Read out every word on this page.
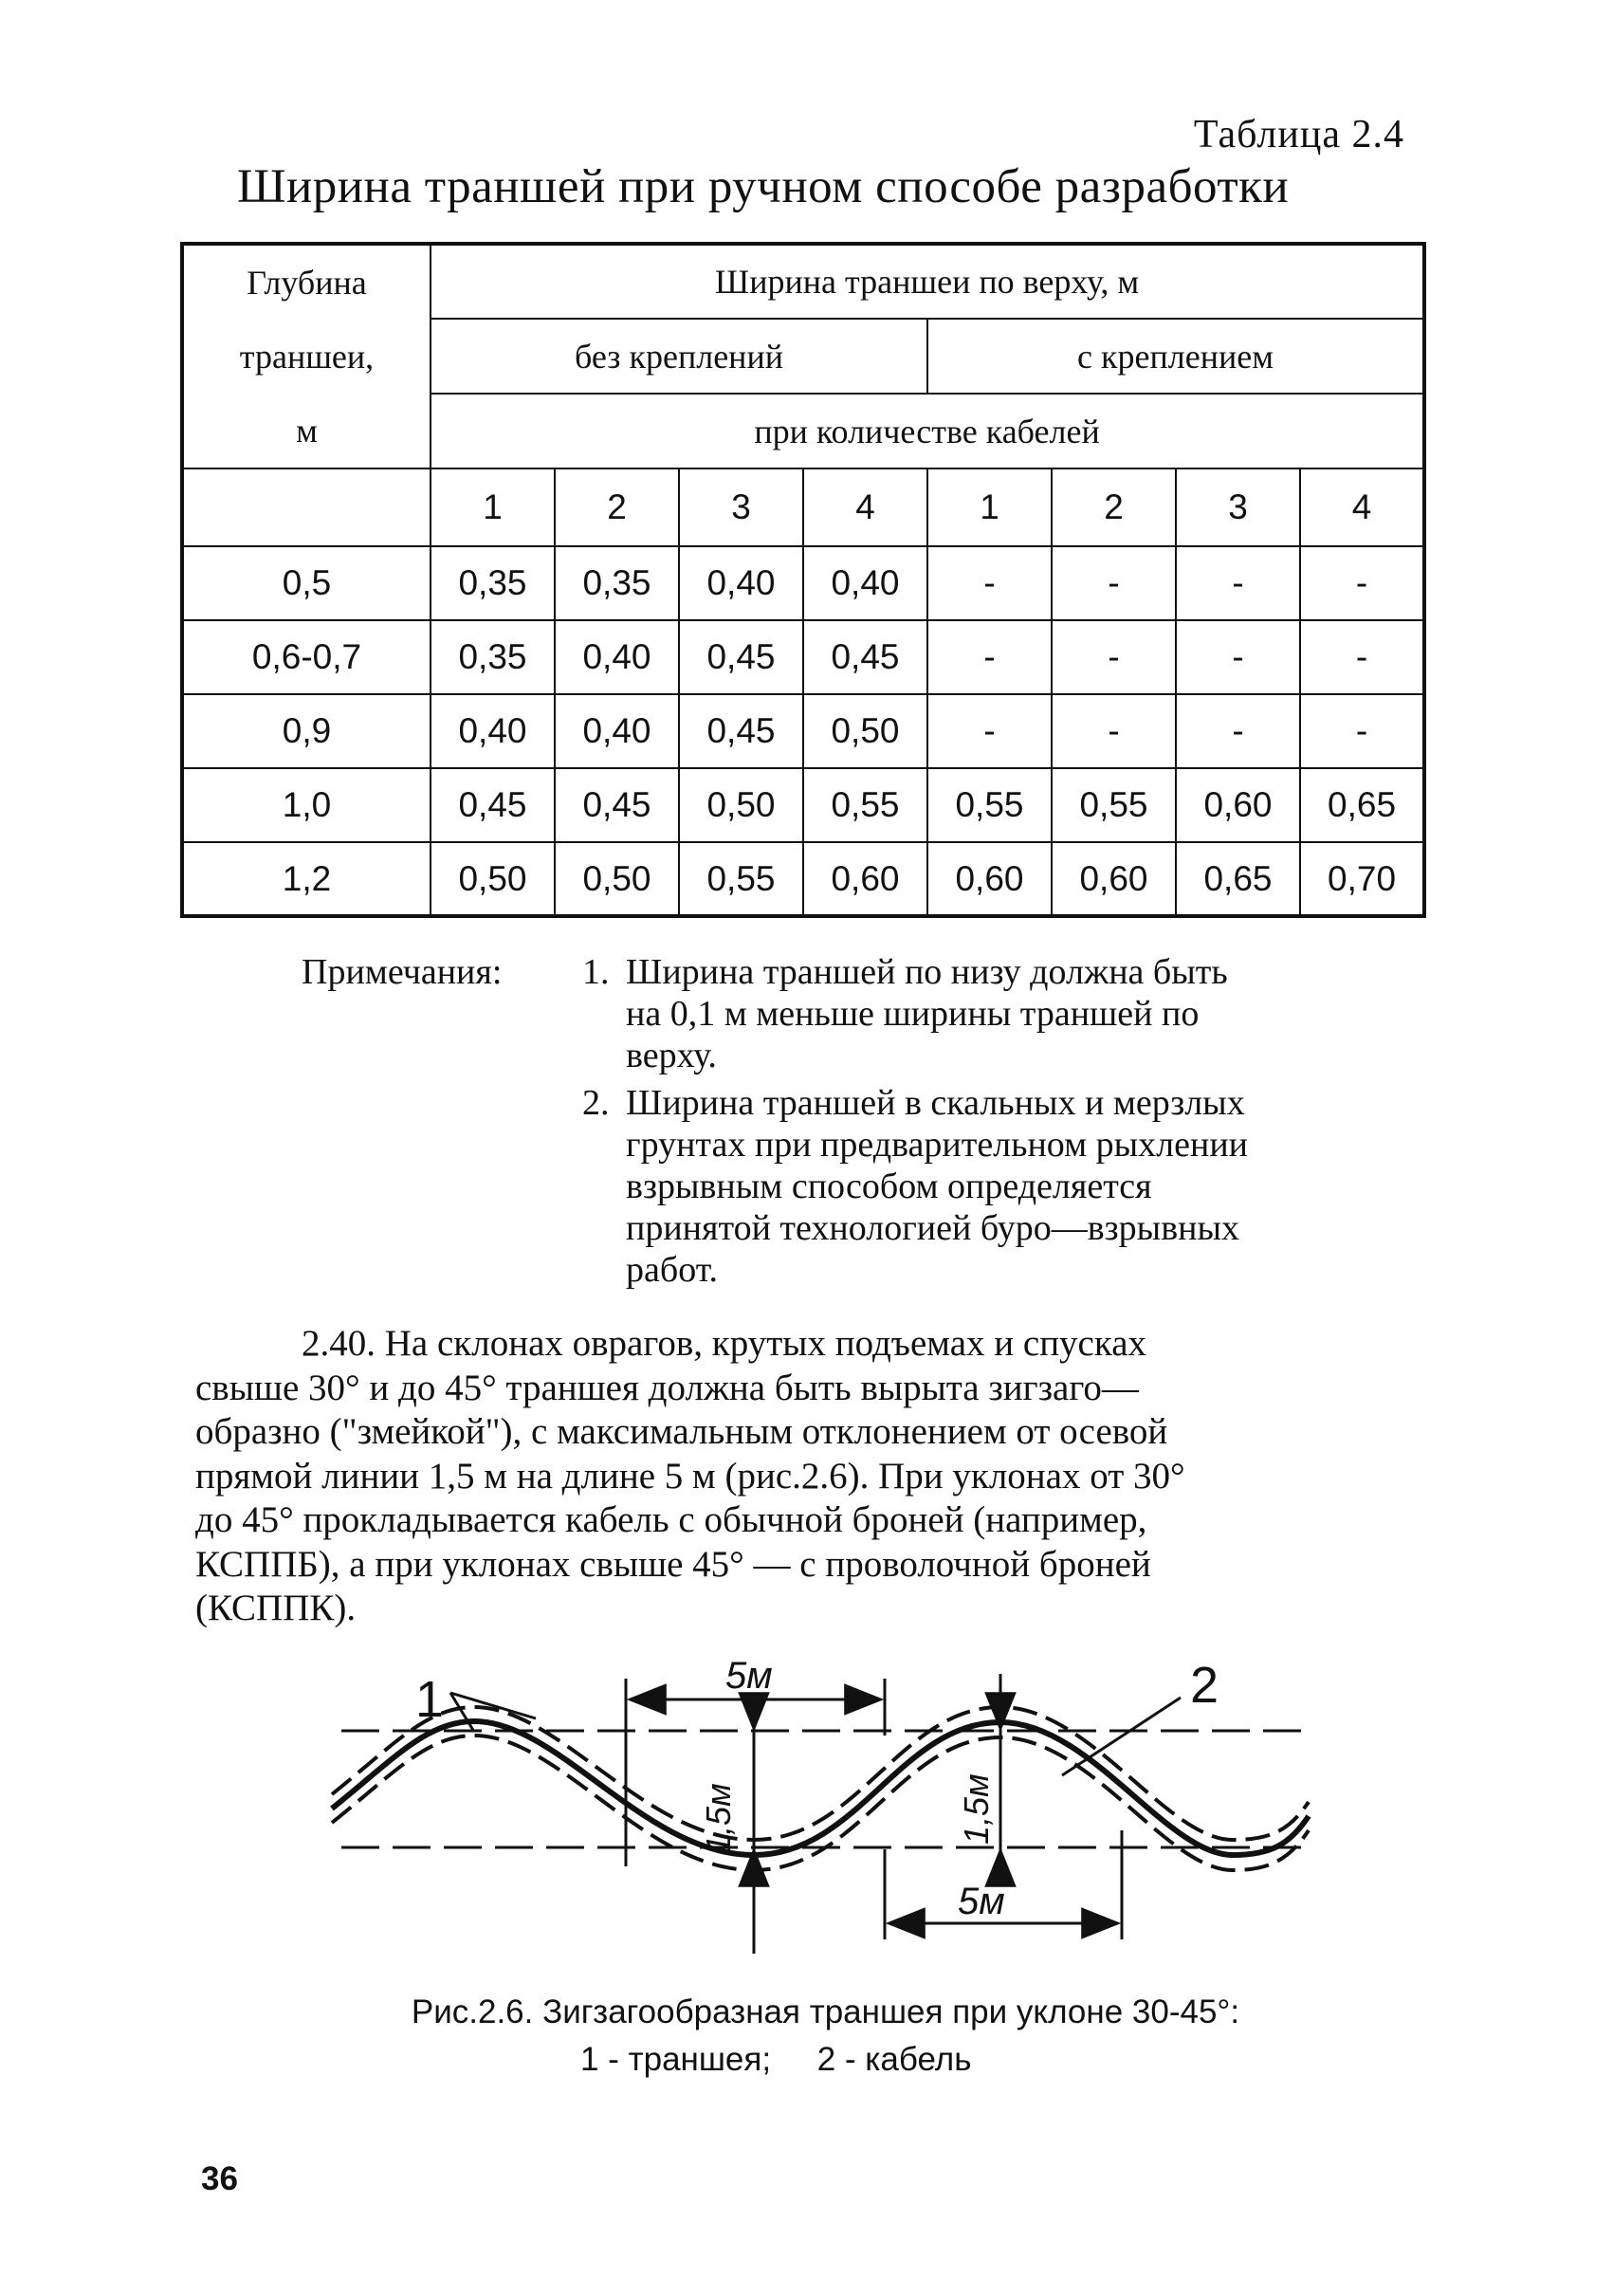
Таблица 2.4
Ширина траншей при ручном способе разработки
Глубина
траншеи,
м	Ширина траншеи по верху, м							
	без креплений				с креплением			
	при количестве кабелей							
	1	2	3	4	1	2	3	4
0,5	0,35	0,35	0,40	0,40	-	-	-	-
0,6-0,7	0,35	0,40	0,45	0,45	-	-	-	-
0,9	0,40	0,40	0,45	0,50	-	-	-	-
1,0	0,45	0,45	0,50	0,55	0,55	0,55	0,60	0,65
1,2	0,50	0,50	0,55	0,60	0,60	0,60	0,65	0,70
Примечания: 1. Ширина траншей по низу должна быть
на 0,1 м меньше ширины траншей по
верху.
2. Ширина траншей в скальных и мерзлых
грунтах при предварительном рыхлении
взрывным способом определяется
принятой технологией буро—взрывных
работ.
2.40. На склонах оврагов, крутых подъемах и спусках
свыше 30° и до 45° траншея должна быть вырыта зигзаго—
образно ("змейкой"), с максимальным отклонением от осевой
прямой линии 1,5 м на длине 5 м (рис.2.6). При уклонах от 30°
до 45° прокладывается кабель с обычной броней (например,
КСППБ), а при уклонах свыше 45° — с проволочной броней
(КСППК).
5м
5м
1,5м	1,5м
1	2
Рис.2.6. Зигзагообразная траншея при уклоне 30-45°:
1 - траншея;     2 - кабель
36
